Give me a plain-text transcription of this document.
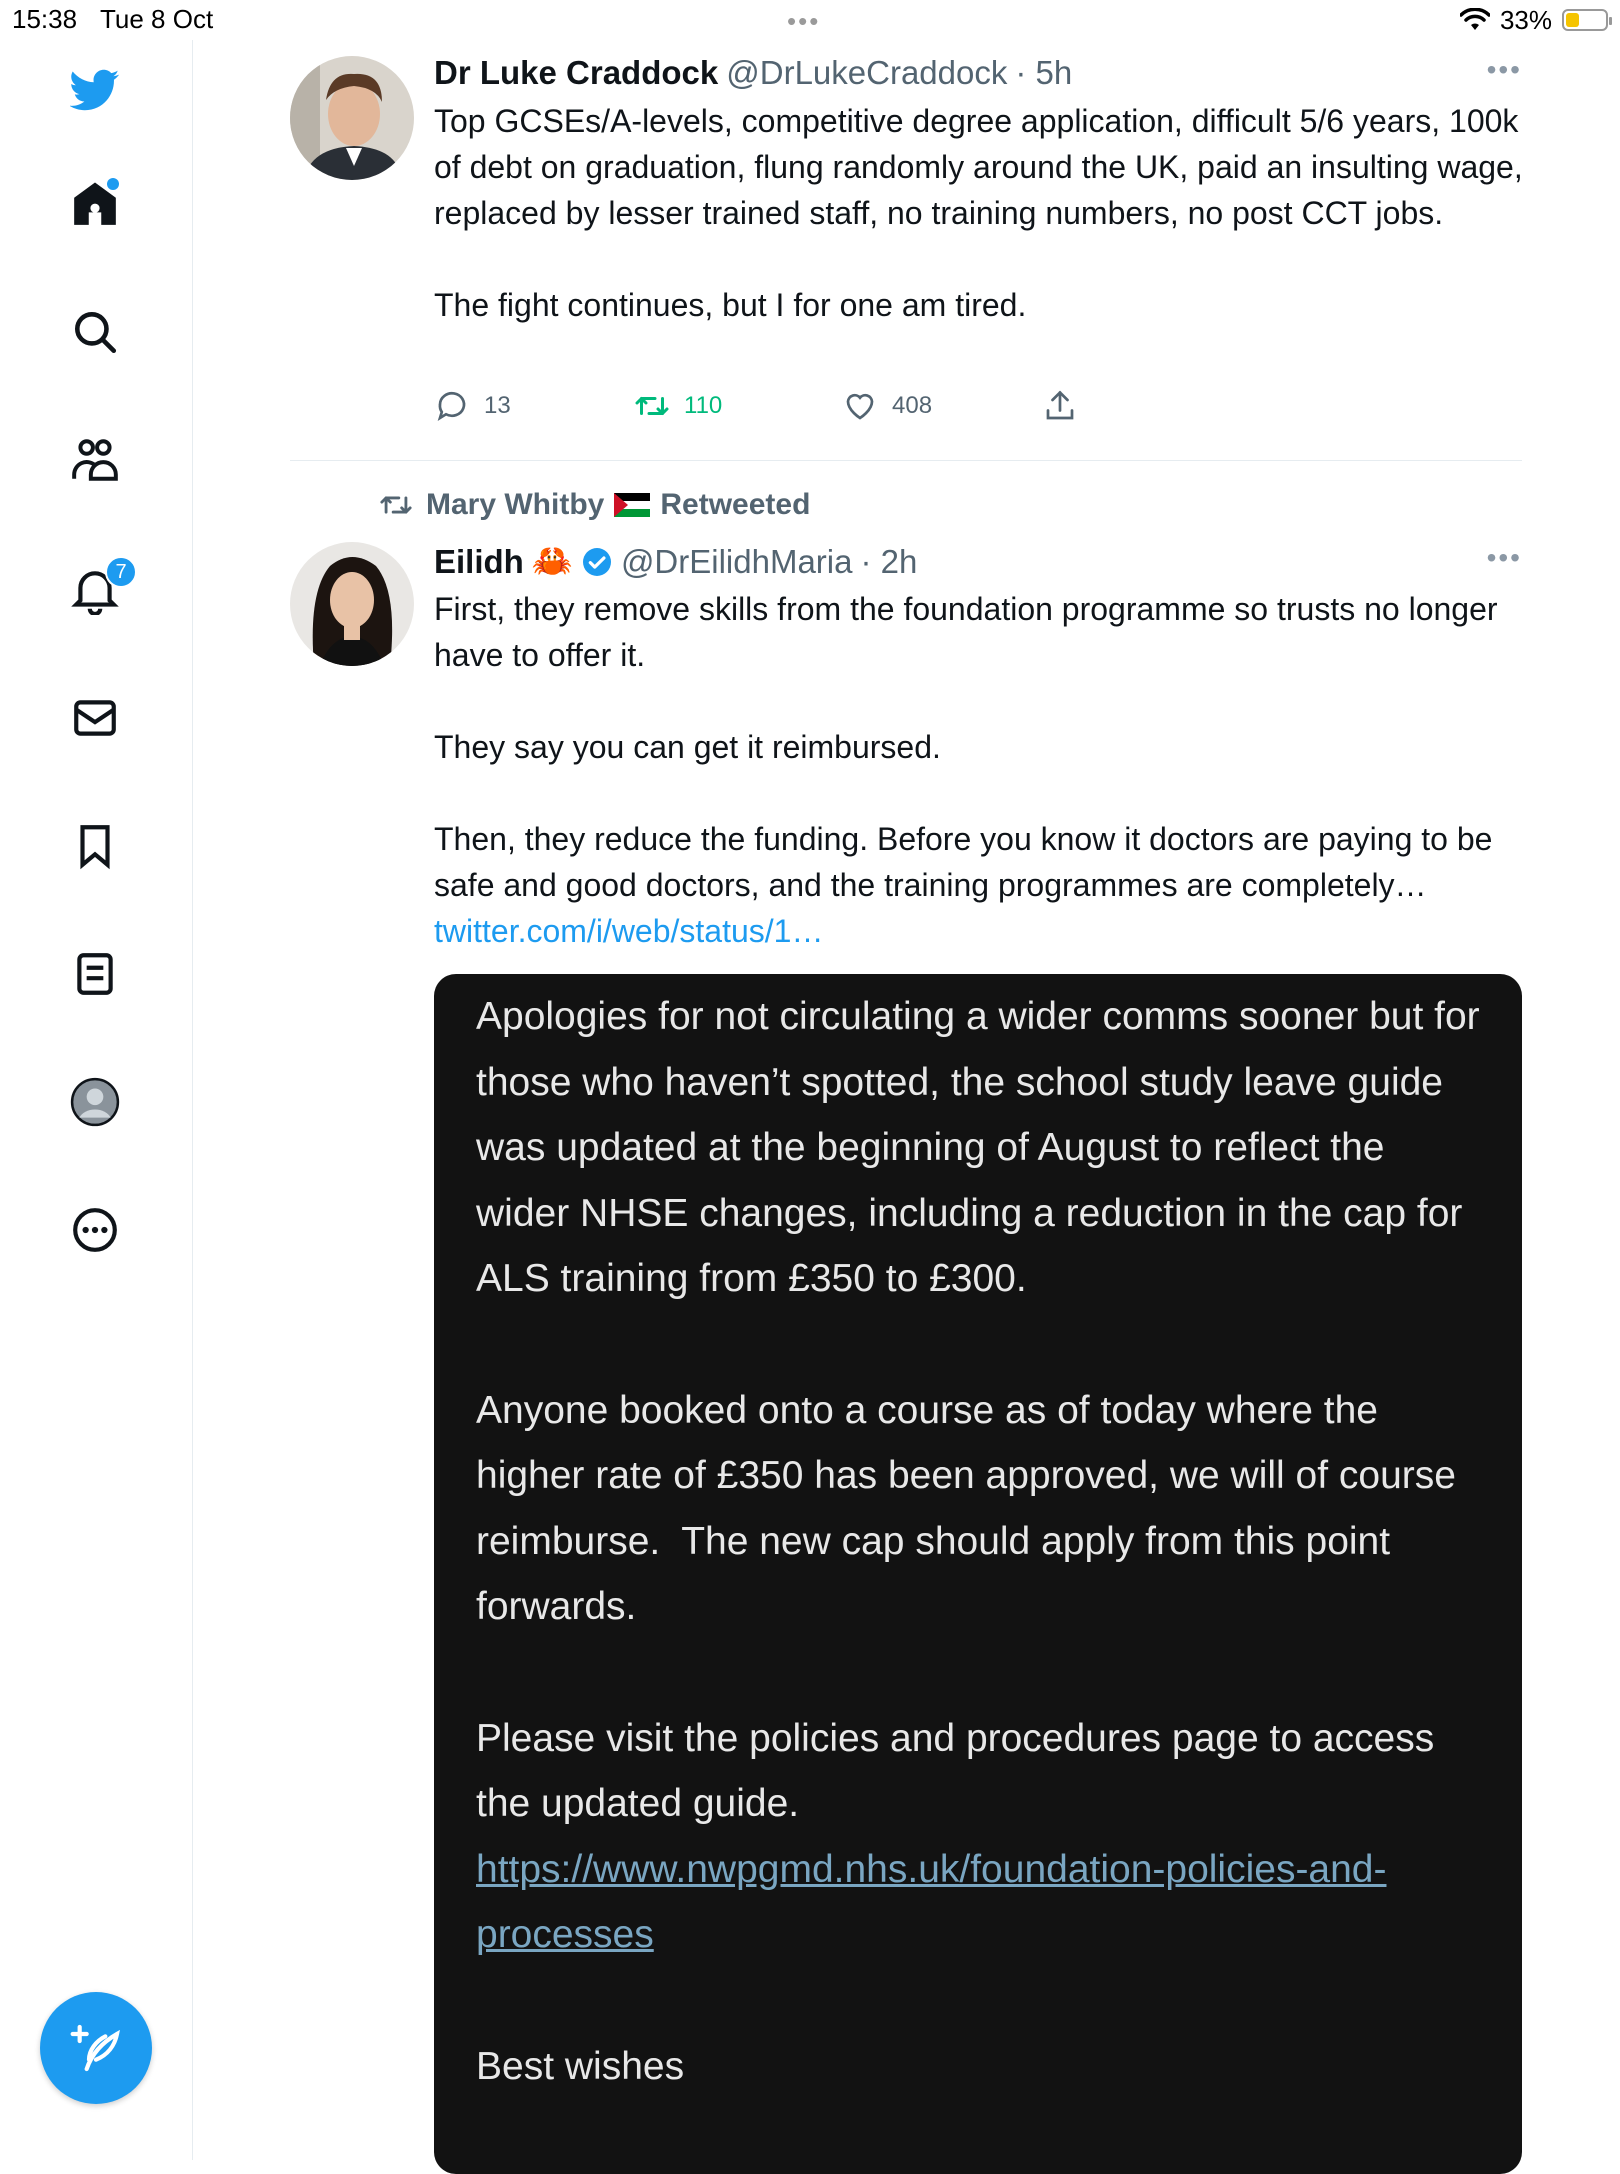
15:38 Tue 8 Oct	•••	33%
7
Dr Luke Craddock @DrLukeCraddock · 5h	•••
Top GCSEs/A-levels, competitive degree application, difficult 5/6 years, 100k of debt on graduation, flung randomly around the UK, paid an insulting wage, replaced by lesser trained staff, no training numbers, no post CCT jobs.

The fight continues, but I for one am tired.
13	110	408
Mary Whitby Retweeted
Eilidh 🦀 @DrEilidhMaria · 2h	•••
First, they remove skills from the foundation programme so trusts no longer have to offer it.

They say you can get it reimbursed.

Then, they reduce the funding. Before you know it doctors are paying to be safe and good doctors, and the training programmes are completely… twitter.com/i/web/status/1…
Apologies for not circulating a wider comms sooner but for those who haven’t spotted, the school study leave guide was updated at the beginning of August to reflect the wider NHSE changes, including a reduction in the cap for ALS training from £350 to £300.

Anyone booked onto a course as of today where the higher rate of £350 has been approved, we will of course reimburse.  The new cap should apply from this point forwards.

Please visit the policies and procedures page to access the updated guide.
https://www.nwpgmd.nhs.uk/foundation-policies-and-processes

Best wishes
